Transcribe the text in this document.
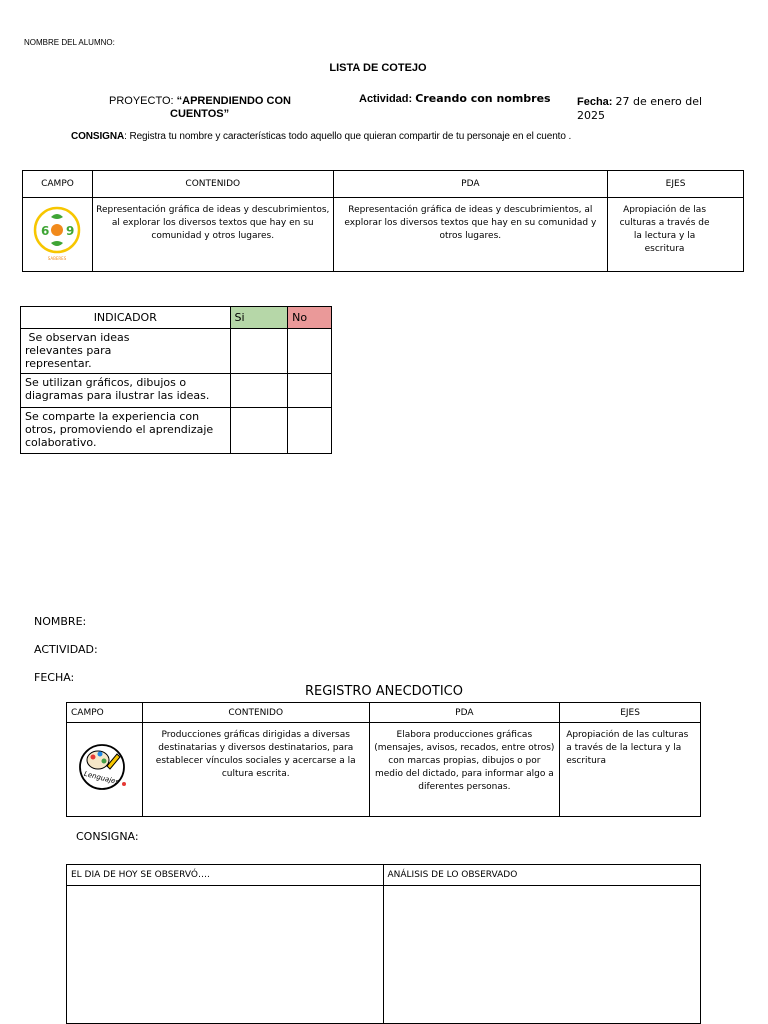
NOMBRE DEL ALUMNO:
LISTA DE COTEJO
PROYECTO: “APRENDIENDO CON
CUENTOS”
Actividad: Creando con nombres Fecha: 27 de enero del
2025
CONSIGNA: Registra tu nombre y características todo aquello que quieran compartir de tu personaje en el cuento .
CAMPO	CONTENIDO	PDA	EJES

6 9
SABERES	Representación gráfica de ideas y descubrimientos, al explorar los diversos textos que hay en su comunidad y otros lugares.	Representación gráfica de ideas y descubrimientos, al explorar los diversos textos que hay en su comunidad y otros lugares.	Apropiación de las culturas a través de la lectura y la escritura
INDICADOR	Si	No
Se observan ideas relevantes para representar.		
Se utilizan gráficos, dibujos o diagramas para ilustrar las ideas.		
Se comparte la experiencia con otros, promoviendo el aprendizaje colaborativo.		
NOMBRE:
ACTIVIDAD:
FECHA:
REGISTRO ANECDOTICO
CAMPO	CONTENIDO	PDA	EJES

Lenguajes	Producciones gráficas dirigidas a diversas destinatarias y diversos destinatarios, para establecer vínculos sociales y acercarse a la cultura escrita.	Elabora producciones gráficas (mensajes, avisos, recados, entre otros) con marcas propias, dibujos o por medio del dictado, para informar algo a diferentes personas.	Apropiación de las culturas a través de la lectura y la escritura
CONSIGNA:
EL DIA DE HOY SE OBSERVÓ….	ANÁLISIS DE LO OBSERVADO
